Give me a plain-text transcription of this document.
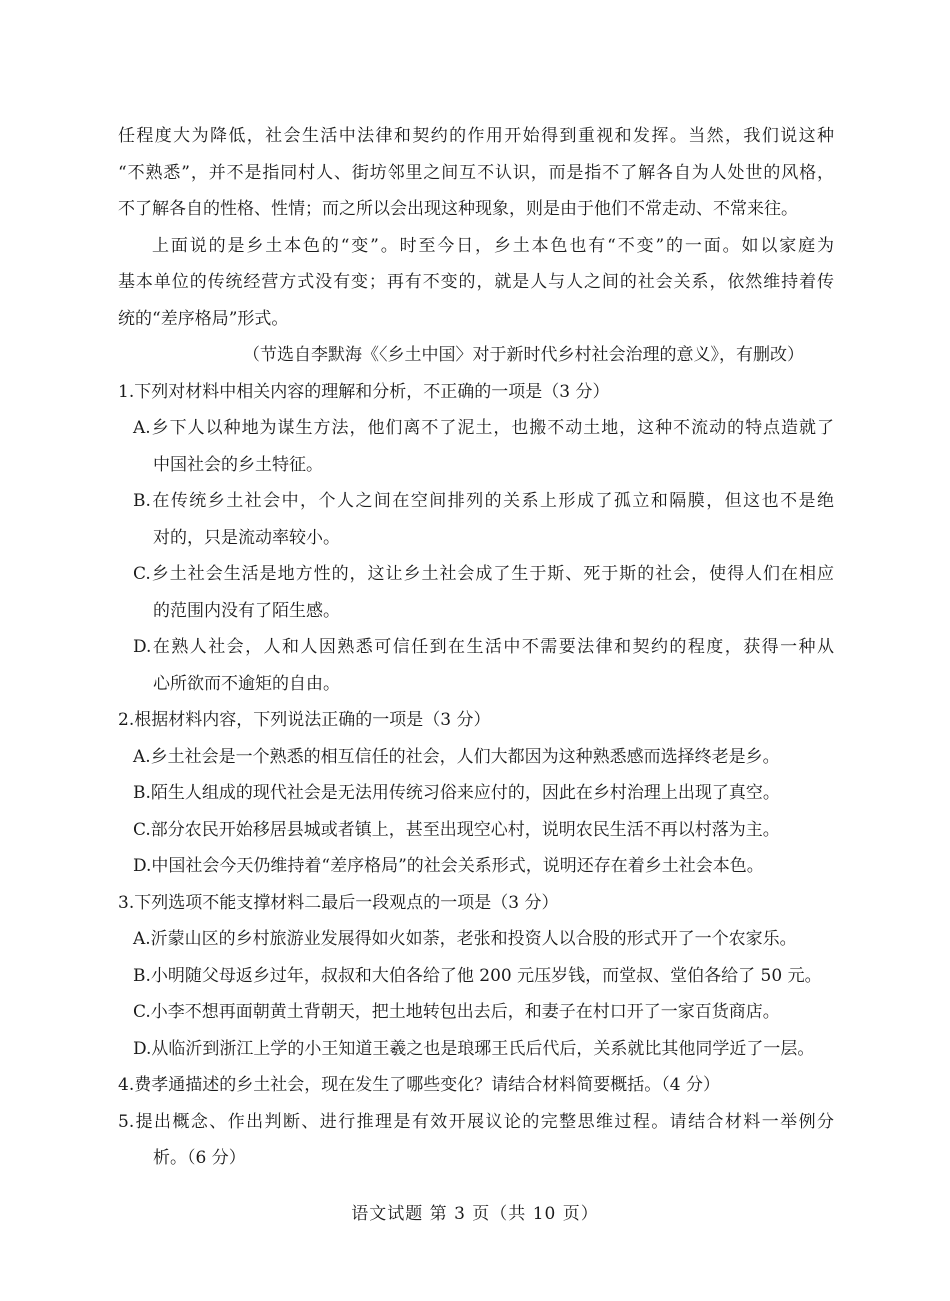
任程度大为降低，社会生活中法律和契约的作用开始得到重视和发挥。当然，我们说这种
“不熟悉”，并不是指同村人、街坊邻里之间互不认识，而是指不了解各自为人处世的风格，
不了解各自的性格、性情；而之所以会出现这种现象，则是由于他们不常走动、不常来往。
上面说的是乡土本色的“变”。时至今日，乡土本色也有“不变”的一面。如以家庭为
基本单位的传统经营方式没有变；再有不变的，就是人与人之间的社会关系，依然维持着传
统的“差序格局”形式。
（节选自李默海《〈乡土中国〉对于新时代乡村社会治理的意义》，有删改）
1.下列对材料中相关内容的理解和分析，不正确的一项是（3 分）
A.乡下人以种地为谋生方法，他们离不了泥土，也搬不动土地，这种不流动的特点造就了
中国社会的乡土特征。
B.在传统乡土社会中，个人之间在空间排列的关系上形成了孤立和隔膜，但这也不是绝
对的，只是流动率较小。
C.乡土社会生活是地方性的，这让乡土社会成了生于斯、死于斯的社会，使得人们在相应
的范围内没有了陌生感。
D.在熟人社会，人和人因熟悉可信任到在生活中不需要法律和契约的程度，获得一种从
心所欲而不逾矩的自由。
2.根据材料内容，下列说法正确的一项是（3 分）
A.乡土社会是一个熟悉的相互信任的社会，人们大都因为这种熟悉感而选择终老是乡。
B.陌生人组成的现代社会是无法用传统习俗来应付的，因此在乡村治理上出现了真空。
C.部分农民开始移居县城或者镇上，甚至出现空心村，说明农民生活不再以村落为主。
D.中国社会今天仍维持着“差序格局”的社会关系形式，说明还存在着乡土社会本色。
3.下列选项不能支撑材料二最后一段观点的一项是（3 分）
A.沂蒙山区的乡村旅游业发展得如火如荼，老张和投资人以合股的形式开了一个农家乐。
B.小明随父母返乡过年，叔叔和大伯各给了他 200 元压岁钱，而堂叔、堂伯各给了 50 元。
C.小李不想再面朝黄土背朝天，把土地转包出去后，和妻子在村口开了一家百货商店。
D.从临沂到浙江上学的小王知道王羲之也是琅琊王氏后代后，关系就比其他同学近了一层。
4.费孝通描述的乡土社会，现在发生了哪些变化？请结合材料简要概括。（4 分）
5.提出概念、作出判断、进行推理是有效开展议论的完整思维过程。请结合材料一举例分
析。（6 分）
语文试题 第 3 页（共 10 页）
